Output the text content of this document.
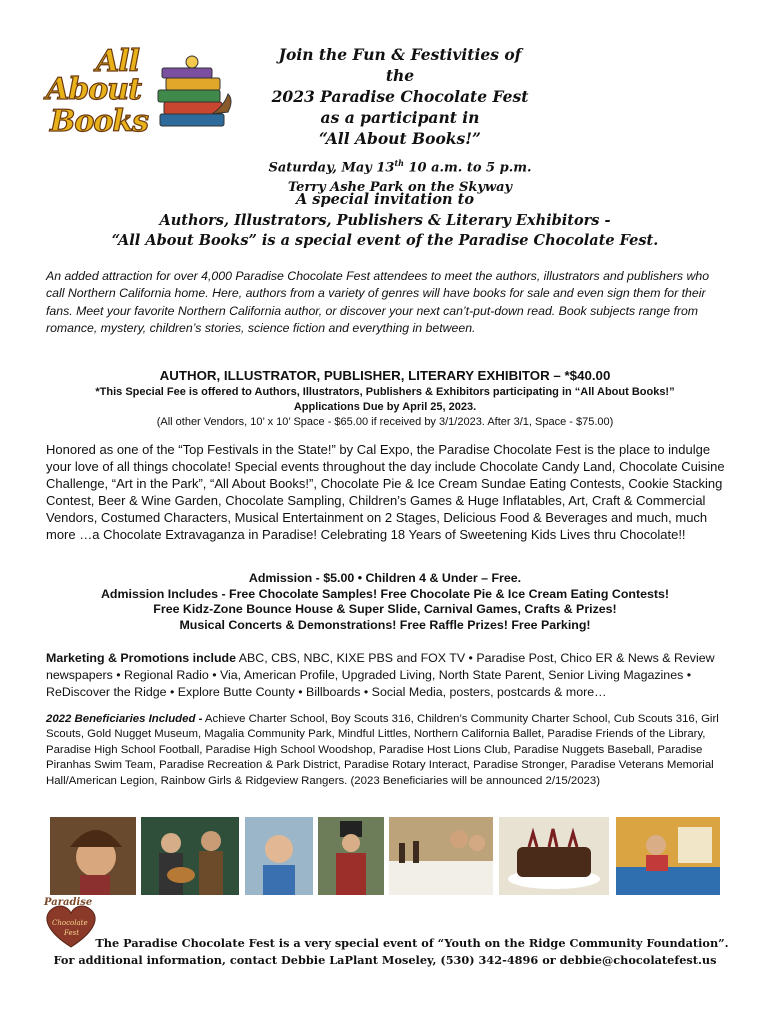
All
About
Books
Join the Fun & Festivities of the
2023 Paradise Chocolate Fest
as a participant in
“All About Books!”
Saturday, May 13th 10 a.m. to 5 p.m.
Terry Ashe Park on the Skyway
A special invitation to
Authors, Illustrators, Publishers & Literary Exhibitors -
“All About Books” is a special event of the Paradise Chocolate Fest.
An added attraction for over 4,000 Paradise Chocolate Fest attendees to meet the authors, illustrators and publishers who call Northern California home. Here, authors from a variety of genres will have books for sale and even sign them for their fans. Meet your favorite Northern California author, or discover your next can’t-put-down read. Book subjects range from romance, mystery, children’s stories, science fiction and everything in between.
AUTHOR, ILLUSTRATOR, PUBLISHER, LITERARY EXHIBITOR – *$40.00
*This Special Fee is offered to Authors, Illustrators, Publishers & Exhibitors participating in “All About Books!”
Applications Due by April 25, 2023.
(All other Vendors, 10’ x 10’ Space - $65.00 if received by 3/1/2023. After 3/1, Space - $75.00)
Honored as one of the “Top Festivals in the State!” by Cal Expo, the Paradise Chocolate Fest is the place to indulge your love of all things chocolate! Special events throughout the day include Chocolate Candy Land, Chocolate Cuisine Challenge, “Art in the Park”, “All About Books!”, Chocolate Pie & Ice Cream Sundae Eating Contests, Cookie Stacking Contest, Beer & Wine Garden, Chocolate Sampling, Children’s Games & Huge Inflatables, Art, Craft & Commercial Vendors, Costumed Characters, Musical Entertainment on 2 Stages, Delicious Food & Beverages and much, much more …a Chocolate Extravaganza in Paradise! Celebrating 18 Years of Sweetening Kids Lives thru Chocolate!!
Admission - $5.00 • Children 4 & Under – Free.
Admission Includes - Free Chocolate Samples! Free Chocolate Pie & Ice Cream Eating Contests!
Free Kidz-Zone Bounce House & Super Slide, Carnival Games, Crafts & Prizes!
Musical Concerts & Demonstrations! Free Raffle Prizes! Free Parking!
Marketing & Promotions include ABC, CBS, NBC, KIXE PBS and FOX TV • Paradise Post, Chico ER & News & Review newspapers • Regional Radio • Via, American Profile, Upgraded Living, North State Parent, Senior Living Magazines • ReDiscover the Ridge • Explore Butte County • Billboards • Social Media, posters, postcards & more…
2022 Beneficiaries Included - Achieve Charter School, Boy Scouts 316, Children’s Community Charter School, Cub Scouts 316, Girl Scouts, Gold Nugget Museum, Magalia Community Park, Mindful Littles, Northern California Ballet, Paradise Friends of the Library, Paradise High School Football, Paradise High School Woodshop, Paradise Host Lions Club, Paradise Nuggets Baseball, Paradise Piranhas Swim Team, Paradise Recreation & Park District, Paradise Rotary Interact, Paradise Stronger, Paradise Veterans Memorial Hall/American Legion, Rainbow Girls & Ridgeview Rangers. (2023 Beneficiaries will be announced 2/15/2023)
Paradise
Chocolate
Fest
The Paradise Chocolate Fest is a very special event of “Youth on the Ridge Community Foundation”.
For additional information, contact Debbie LaPlant Moseley, (530) 342-4896 or debbie@chocolatefest.us
